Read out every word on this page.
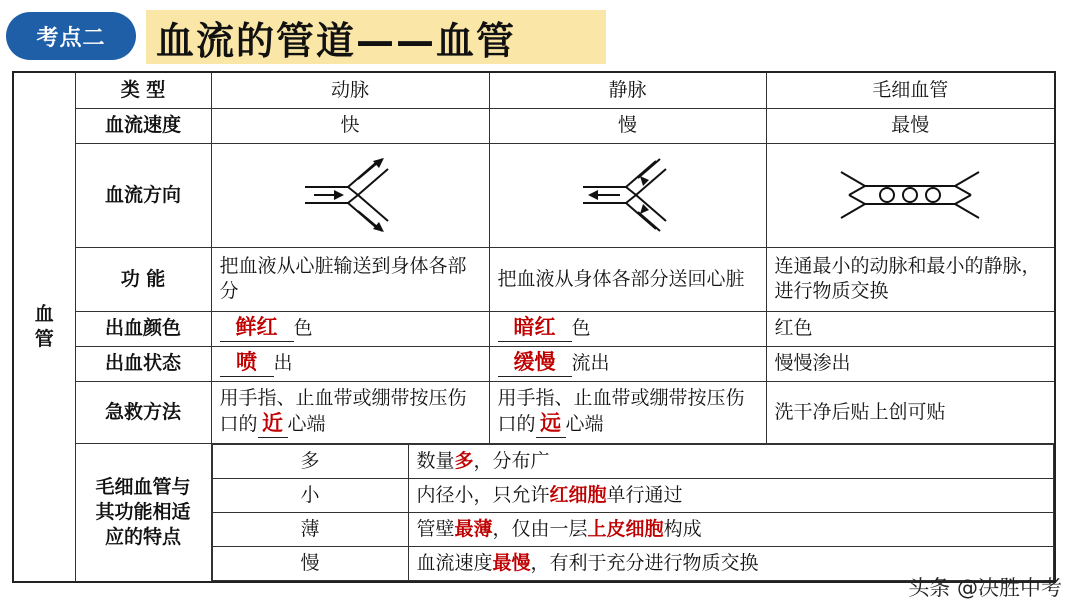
考点二	血流的管道——血管
血
管
	类 型	动脉	静脉	毛细血管
血流速度	快	慢	最慢
血流方向	

功 能	把血液从心脏输送到身体各部分	把血液从身体各部分送回心脏	连通最小的动脉和最小的静脉，进行物质交换
出血颜色	鲜红 色	暗红 色	红色
出血状态	喷 出	缓慢 流出	慢慢渗出
急救方法	用手指、止血带或绷带按压伤口的 近 心端	用手指、止血带或绷带按压伤口的 远 心端	洗干净后贴上创可贴
毛细血管与其功能相适应的特点	
多	数量多，分布广
小	内径小，只允许红细胞单行通过
薄	管壁最薄，仅由一层上皮细胞构成
慢	血流速度最慢，有利于充分进行物质交换
头条 @决胜中考
